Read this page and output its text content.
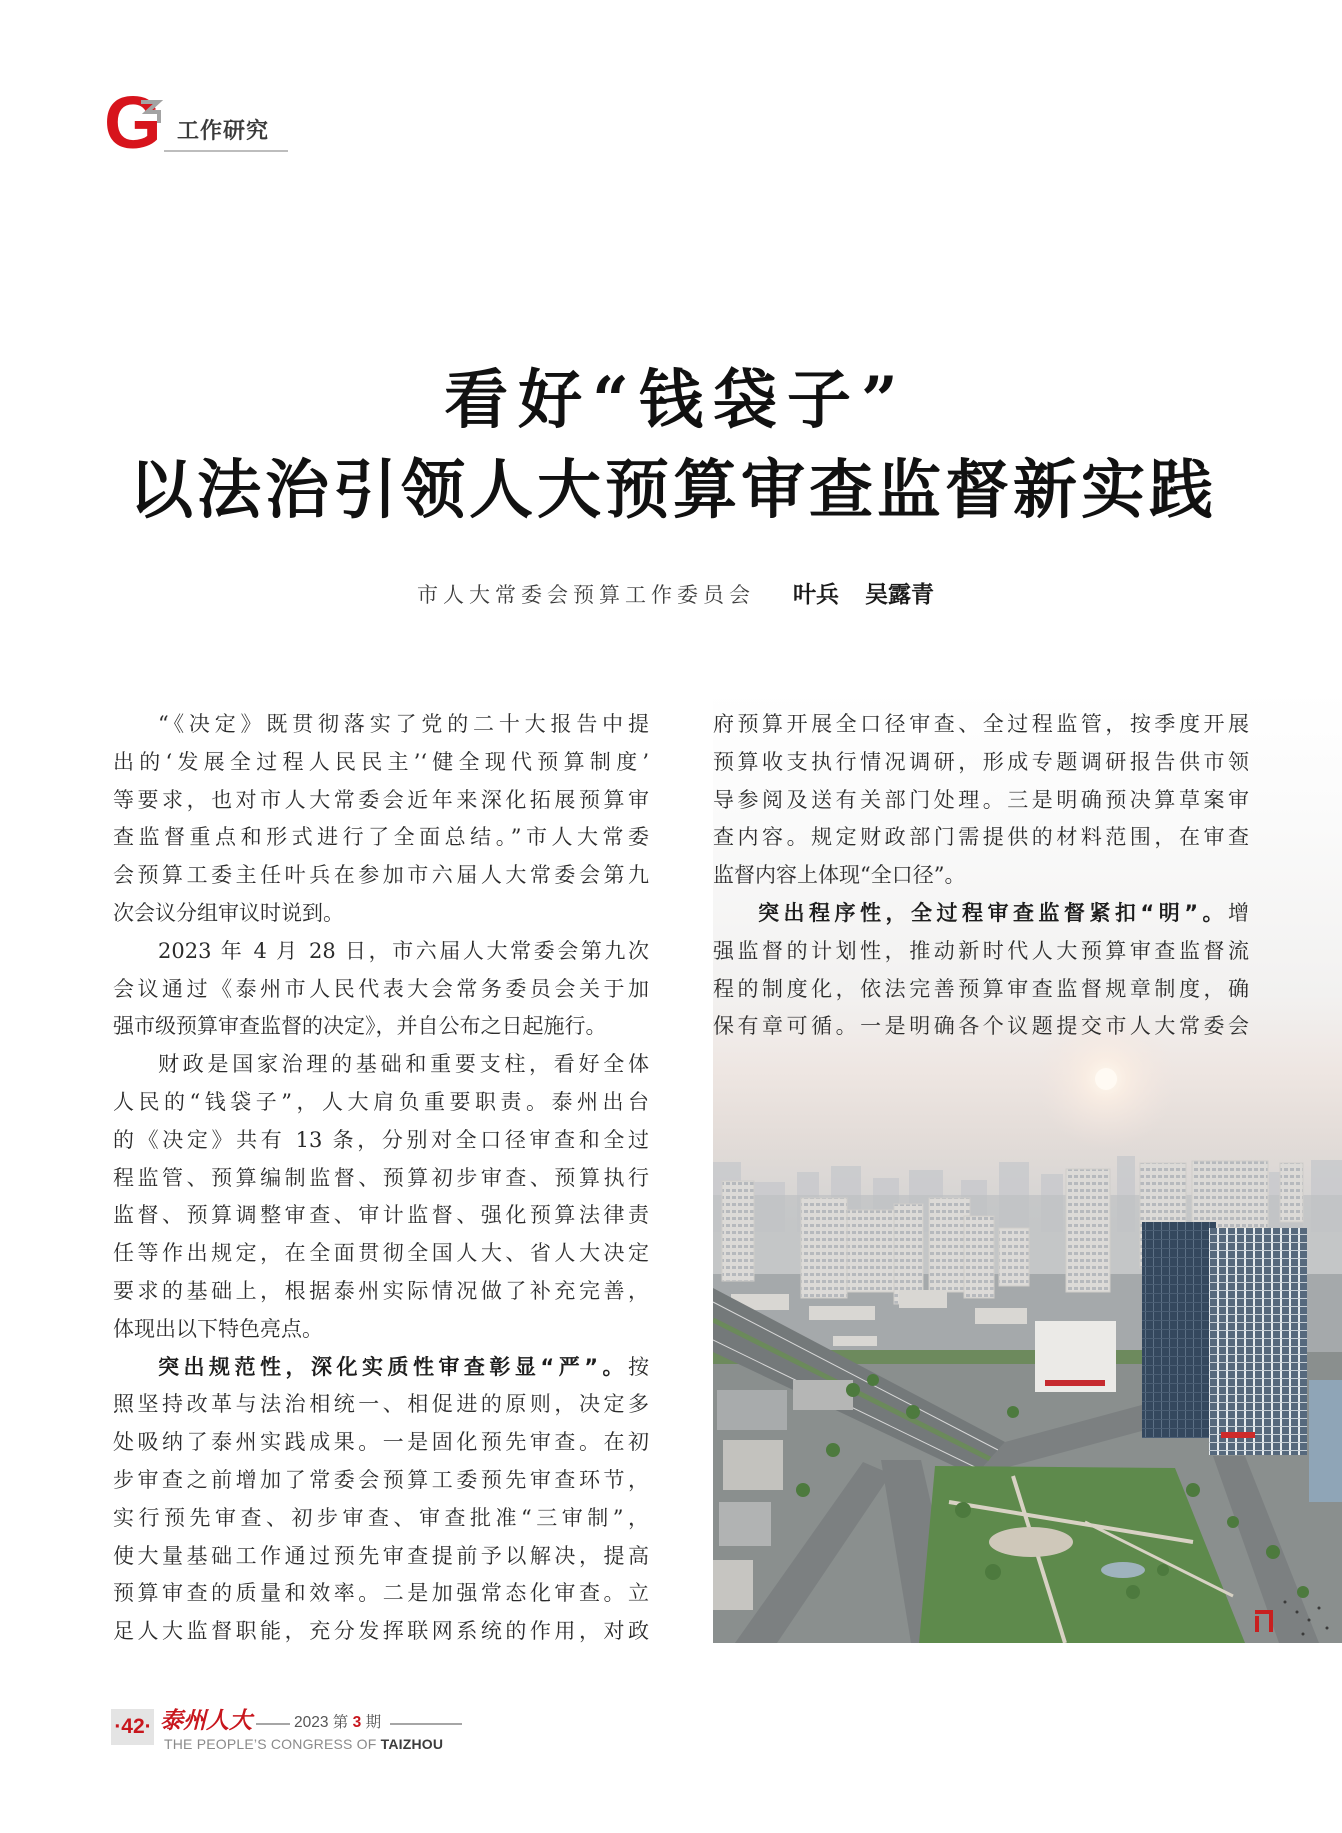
G 工作研究
看好“钱袋子”
以法治引领人大预算审查监督新实践
市人大常委会预算工作委员会 叶兵 吴露青
“《决定》既贯彻落实了党的二十大报告中提
出的‘发展全过程人民民主’‘健全现代预算制度’
等要求，也对市人大常委会近年来深化拓展预算审
查监督重点和形式进行了全面总结。”市人大常委
会预算工委主任叶兵在参加市六届人大常委会第九
次会议分组审议时说到。
2023 年 4 月 28 日，市六届人大常委会第九次
会议通过《泰州市人民代表大会常务委员会关于加
强市级预算审查监督的决定》，并自公布之日起施行。
财政是国家治理的基础和重要支柱，看好全体
人民的“钱袋子”，人大肩负重要职责。泰州出台
的《决定》共有 13 条，分别对全口径审查和全过
程监管、预算编制监督、预算初步审查、预算执行
监督、预算调整审查、审计监督、强化预算法律责
任等作出规定，在全面贯彻全国人大、省人大决定
要求的基础上，根据泰州实际情况做了补充完善，
体现出以下特色亮点。
突出规范性，深化实质性审查彰显“严”。按
照坚持改革与法治相统一、相促进的原则，决定多
处吸纳了泰州实践成果。一是固化预先审查。在初
步审查之前增加了常委会预算工委预先审查环节，
实行预先审查、初步审查、审查批准“三审制”，
使大量基础工作通过预先审查提前予以解决，提高
预算审查的质量和效率。二是加强常态化审查。立
足人大监督职能，充分发挥联网系统的作用，对政
府预算开展全口径审查、全过程监管，按季度开展
预算收支执行情况调研，形成专题调研报告供市领
导参阅及送有关部门处理。三是明确预决算草案审
查内容。规定财政部门需提供的材料范围，在审查
监督内容上体现“全口径”。
突出程序性，全过程审查监督紧扣“明”。增
强监督的计划性，推动新时代人大预算审查监督流
程的制度化，依法完善预算审查监督规章制度，确
保有章可循。一是明确各个议题提交市人大常委会
·42· 泰州人大	2023 第 3 期
THE PEOPLE’S CONGRESS OF TAIZHOU
